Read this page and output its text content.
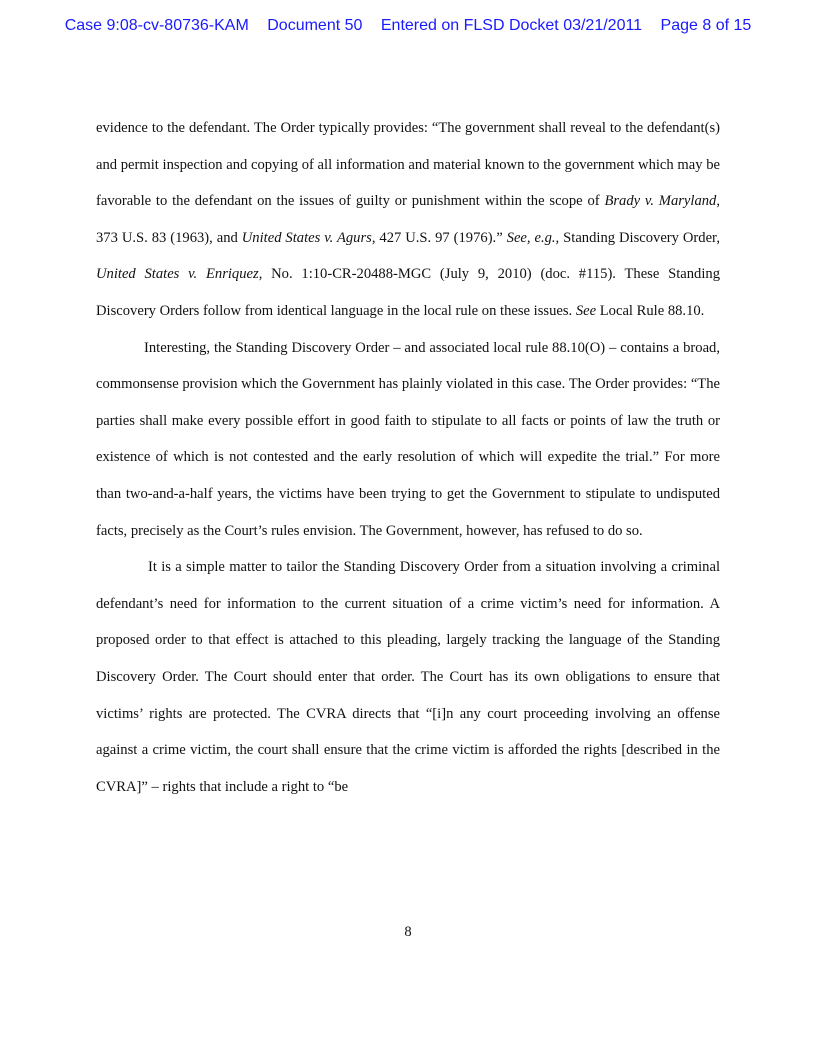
Case 9:08-cv-80736-KAM Document 50 Entered on FLSD Docket 03/21/2011 Page 8 of 15

evidence to the defendant. The Order typically provides: “The government shall reveal to the defendant(s) and permit inspection and copying of all information and material known to the government which may be favorable to the defendant on the issues of guilty or punishment within the scope of Brady v. Maryland, 373 U.S. 83 (1963), and United States v. Agurs, 427 U.S. 97 (1976).” See, e.g., Standing Discovery Order, United States v. Enriquez, No. 1:10-CR-20488-MGC (July 9, 2010) (doc. #115). These Standing Discovery Orders follow from identical language in the local rule on these issues. See Local Rule 88.10.

Interesting, the Standing Discovery Order – and associated local rule 88.10(O) – contains a broad, commonsense provision which the Government has plainly violated in this case. The Order provides: “The parties shall make every possible effort in good faith to stipulate to all facts or points of law the truth or existence of which is not contested and the early resolution of which will expedite the trial.” For more than two-and-a-half years, the victims have been trying to get the Government to stipulate to undisputed facts, precisely as the Court’s rules envision. The Government, however, has refused to do so.

It is a simple matter to tailor the Standing Discovery Order from a situation involving a criminal defendant’s need for information to the current situation of a crime victim’s need for information. A proposed order to that effect is attached to this pleading, largely tracking the language of the Standing Discovery Order. The Court should enter that order. The Court has its own obligations to ensure that victims’ rights are protected. The CVRA directs that “[i]n any court proceeding involving an offense against a crime victim, the court shall ensure that the crime victim is afforded the rights [described in the CVRA]” – rights that include a right to “be

8
